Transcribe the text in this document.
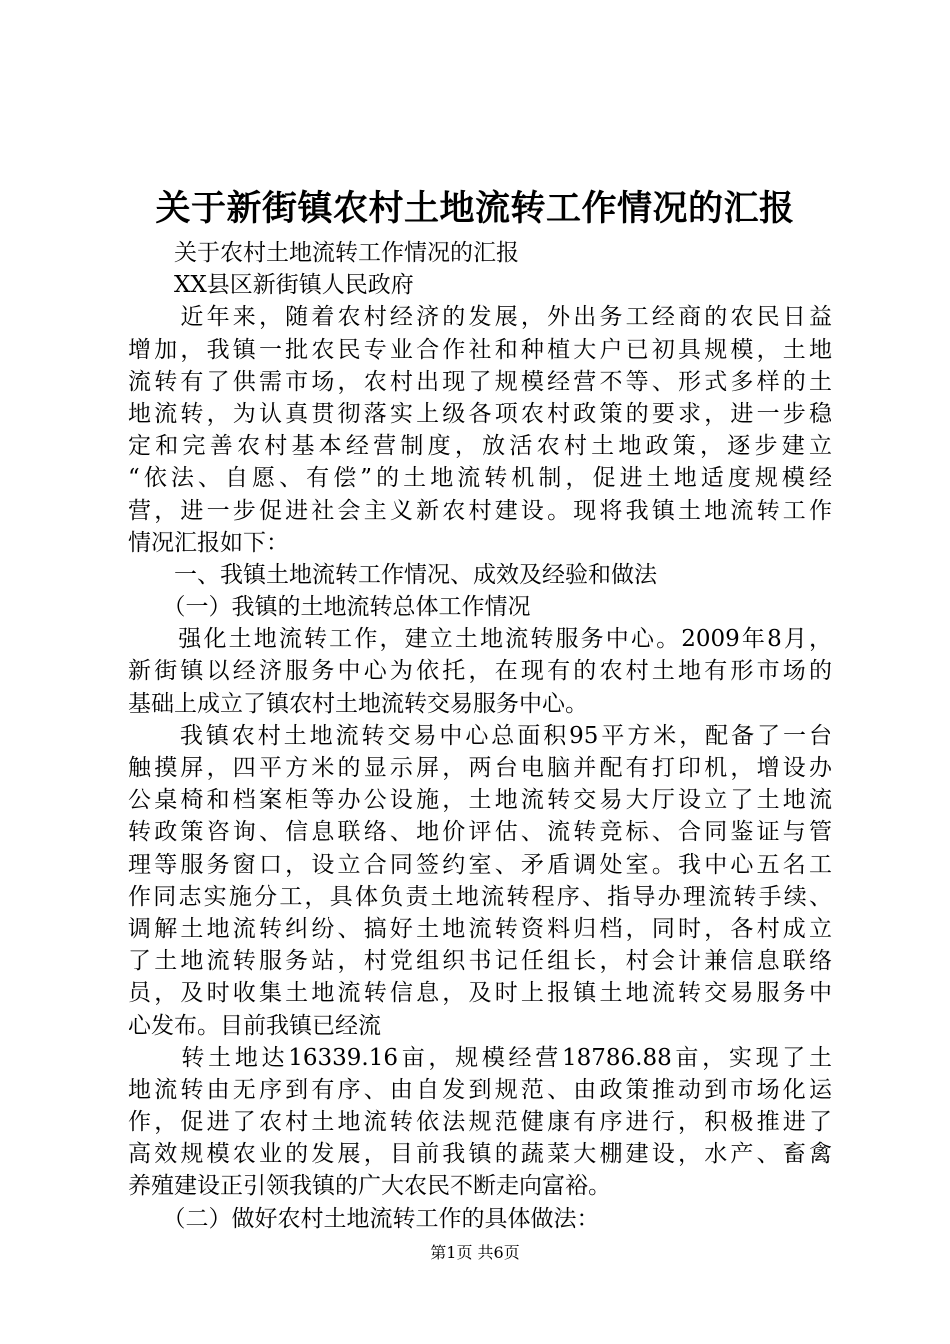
关于新街镇农村土地流转工作情况的汇报
　　关于农村土地流转工作情况的汇报
　　XX县区新街镇人民政府
　　近年来，随着农村经济的发展，外出务工经商的农民日益
增加，我镇一批农民专业合作社和种植大户已初具规模，土地
流转有了供需市场，农村出现了规模经营不等、形式多样的土
地流转，为认真贯彻落实上级各项农村政策的要求，进一步稳
定和完善农村基本经营制度，放活农村土地政策，逐步建立
“依法、自愿、有偿”的土地流转机制，促进土地适度规模经
营，进一步促进社会主义新农村建设。现将我镇土地流转工作
情况汇报如下：
　　一、我镇土地流转工作情况、成效及经验和做法
　　（一）我镇的土地流转总体工作情况
　　强化土地流转工作，建立土地流转服务中心。2009年8月，
新街镇以经济服务中心为依托，在现有的农村土地有形市场的
基础上成立了镇农村土地流转交易服务中心。
　　我镇农村土地流转交易中心总面积95平方米，配备了一台
触摸屏，四平方米的显示屏，两台电脑并配有打印机，增设办
公桌椅和档案柜等办公设施，土地流转交易大厅设立了土地流
转政策咨询、信息联络、地价评估、流转竞标、合同鉴证与管
理等服务窗口，设立合同签约室、矛盾调处室。我中心五名工
作同志实施分工，具体负责土地流转程序、指导办理流转手续、
调解土地流转纠纷、搞好土地流转资料归档，同时，各村成立
了土地流转服务站，村党组织书记任组长，村会计兼信息联络
员，及时收集土地流转信息，及时上报镇土地流转交易服务中
心发布。目前我镇已经流
　　转土地达16339.16亩，规模经营18786.88亩，实现了土
地流转由无序到有序、由自发到规范、由政策推动到市场化运
作，促进了农村土地流转依法规范健康有序进行，积极推进了
高效规模农业的发展，目前我镇的蔬菜大棚建设，水产、畜禽
养殖建设正引领我镇的广大农民不断走向富裕。
　　（二）做好农村土地流转工作的具体做法：
第1页 共6页
